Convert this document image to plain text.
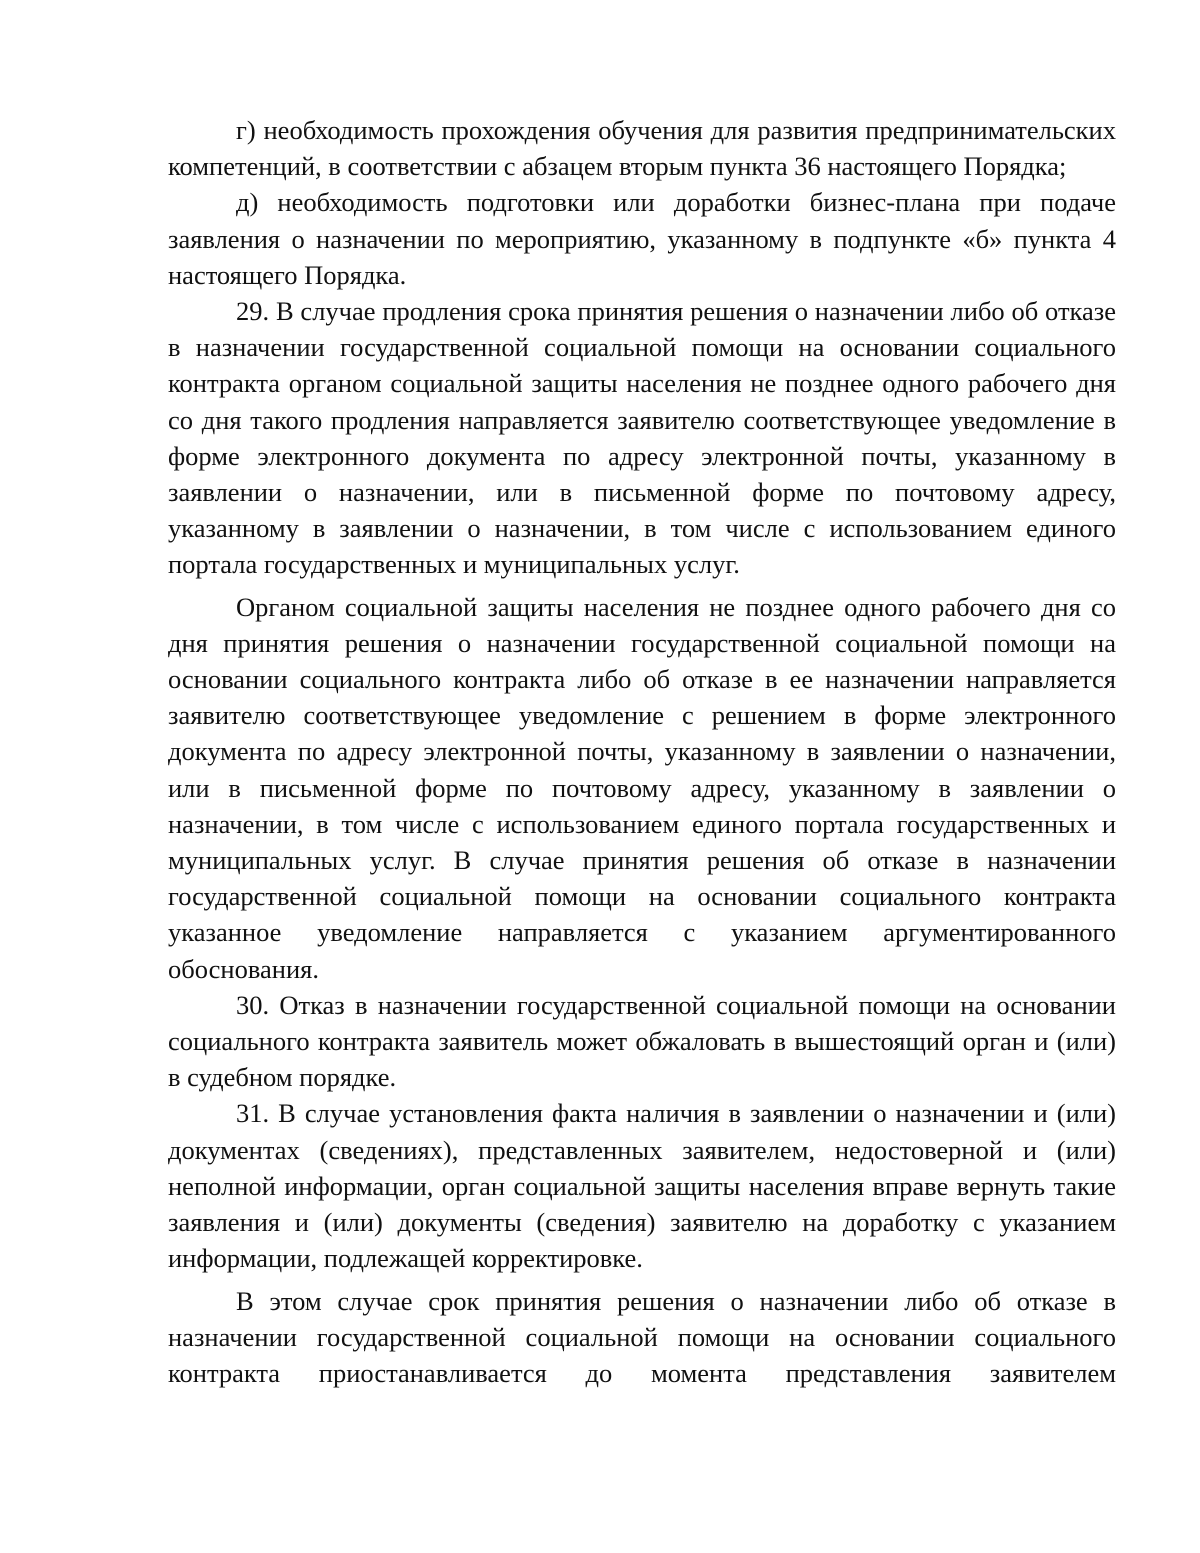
г) необходимость прохождения обучения для развития предпринимательских компетенций, в соответствии с абзацем вторым пункта 36 настоящего Порядка;

д) необходимость подготовки или доработки бизнес-плана при подаче заявления о назначении по мероприятию, указанному в подпункте «б» пункта 4 настоящего Порядка.

29. В случае продления срока принятия решения о назначении либо об отказе в назначении государственной социальной помощи на основании социального контракта органом социальной защиты населения не позднее одного рабочего дня со дня такого продления направляется заявителю соответствующее уведомление в форме электронного документа по адресу электронной почты, указанному в заявлении о назначении, или в письменной форме по почтовому адресу, указанному в заявлении о назначении, в том числе с использованием единого портала государственных и муниципальных услуг.

Органом социальной защиты населения не позднее одного рабочего дня со дня принятия решения о назначении государственной социальной помощи на основании социального контракта либо об отказе в ее назначении направляется заявителю соответствующее уведомление с решением в форме электронного документа по адресу электронной почты, указанному в заявлении о назначении, или в письменной форме по почтовому адресу, указанному в заявлении о назначении, в том числе с использованием единого портала государственных и муниципальных услуг. В случае принятия решения об отказе в назначении государственной социальной помощи на основании социального контракта указанное уведомление направляется с указанием аргументированного обоснования.

30. Отказ в назначении государственной социальной помощи на основании социального контракта заявитель может обжаловать в вышестоящий орган и (или) в судебном порядке.

31. В случае установления факта наличия в заявлении о назначении и (или) документах (сведениях), представленных заявителем, недостоверной и (или) неполной информации, орган социальной защиты населения вправе вернуть такие заявления и (или) документы (сведения) заявителю на доработку с указанием информации, подлежащей корректировке.

В этом случае срок принятия решения о назначении либо об отказе в назначении государственной социальной помощи на основании социального контракта приостанавливается до момента представления заявителем
